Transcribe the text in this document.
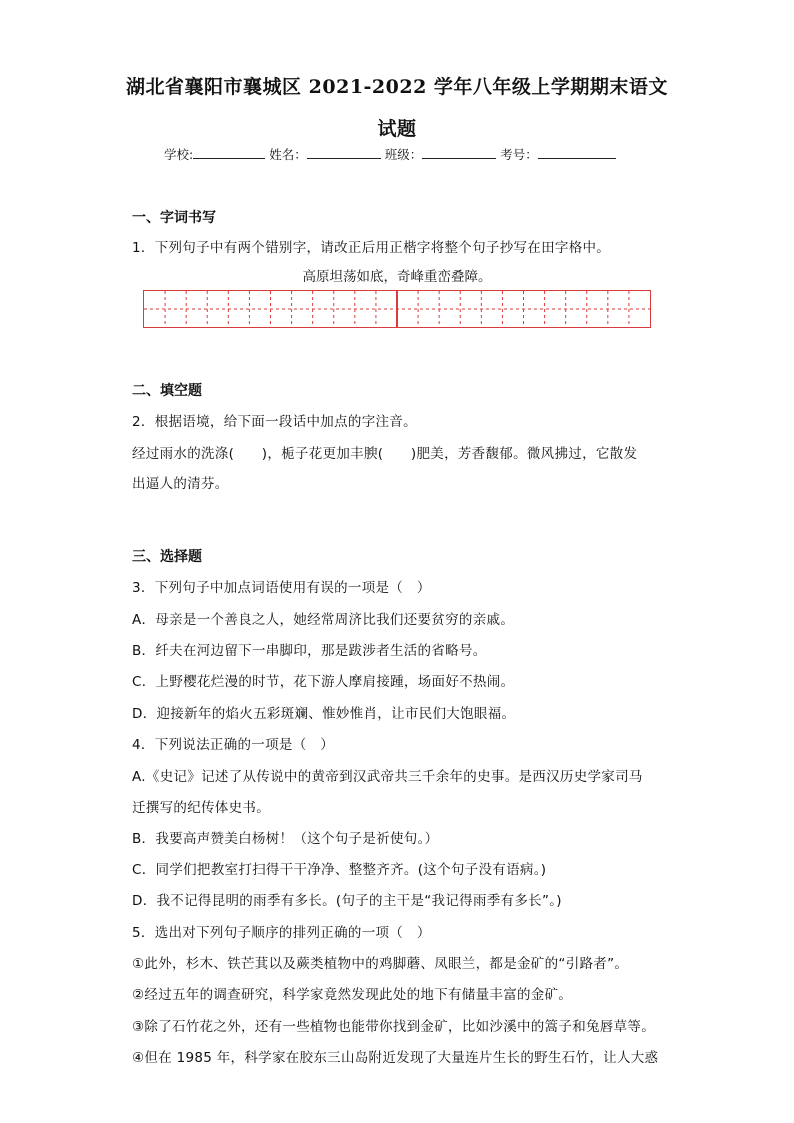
湖北省襄阳市襄城区 2021-2022 学年八年级上学期期末语文
试题
学校:	姓名：	班级：	考号：
一、字词书写
1．下列句子中有两个错别字，请改正后用正楷字将整个句子抄写在田字格中。
高原坦荡如底，奇峰重峦叠障。
二、填空题
2．根据语境，给下面一段话中加点的字注音。
经过雨水的洗涤(　　)，栀子花更加丰腴(　　)肥美，芳香馥郁。微风拂过，它散发
出逼人的清芬。
三、选择题
3．下列句子中加点词语使用有误的一项是（　）
A．母亲是一个善良之人，她经常周济比我们还要贫穷的亲戚。
B．纤夫在河边留下一串脚印，那是跋涉者生活的省略号。
C．上野樱花烂漫的时节，花下游人摩肩接踵，场面好不热闹。
D．迎接新年的焰火五彩斑斓、惟妙惟肖，让市民们大饱眼福。
4．下列说法正确的一项是（　）
A.《史记》记述了从传说中的黄帝到汉武帝共三千余年的史事。是西汉历史学家司马
迁撰写的纪传体史书。
B．我要高声赞美白杨树！（这个句子是祈使句。）
C．同学们把教室打扫得干干净净、整整齐齐。(这个句子没有语病。)
D．我不记得昆明的雨季有多长。(句子的主干是“我记得雨季有多长”。)
5．选出对下列句子顺序的排列正确的一项（　）
①此外，杉木、铁芒萁以及蕨类植物中的鸡脚蘑、凤眼兰，都是金矿的“引路者”。
②经过五年的调查研究，科学家竟然发现此处的地下有储量丰富的金矿。
③除了石竹花之外，还有一些植物也能带你找到金矿，比如沙溪中的篙子和兔唇草等。
④但在 1985 年，科学家在胶东三山岛附近发现了大量连片生长的野生石竹，让人大惑
